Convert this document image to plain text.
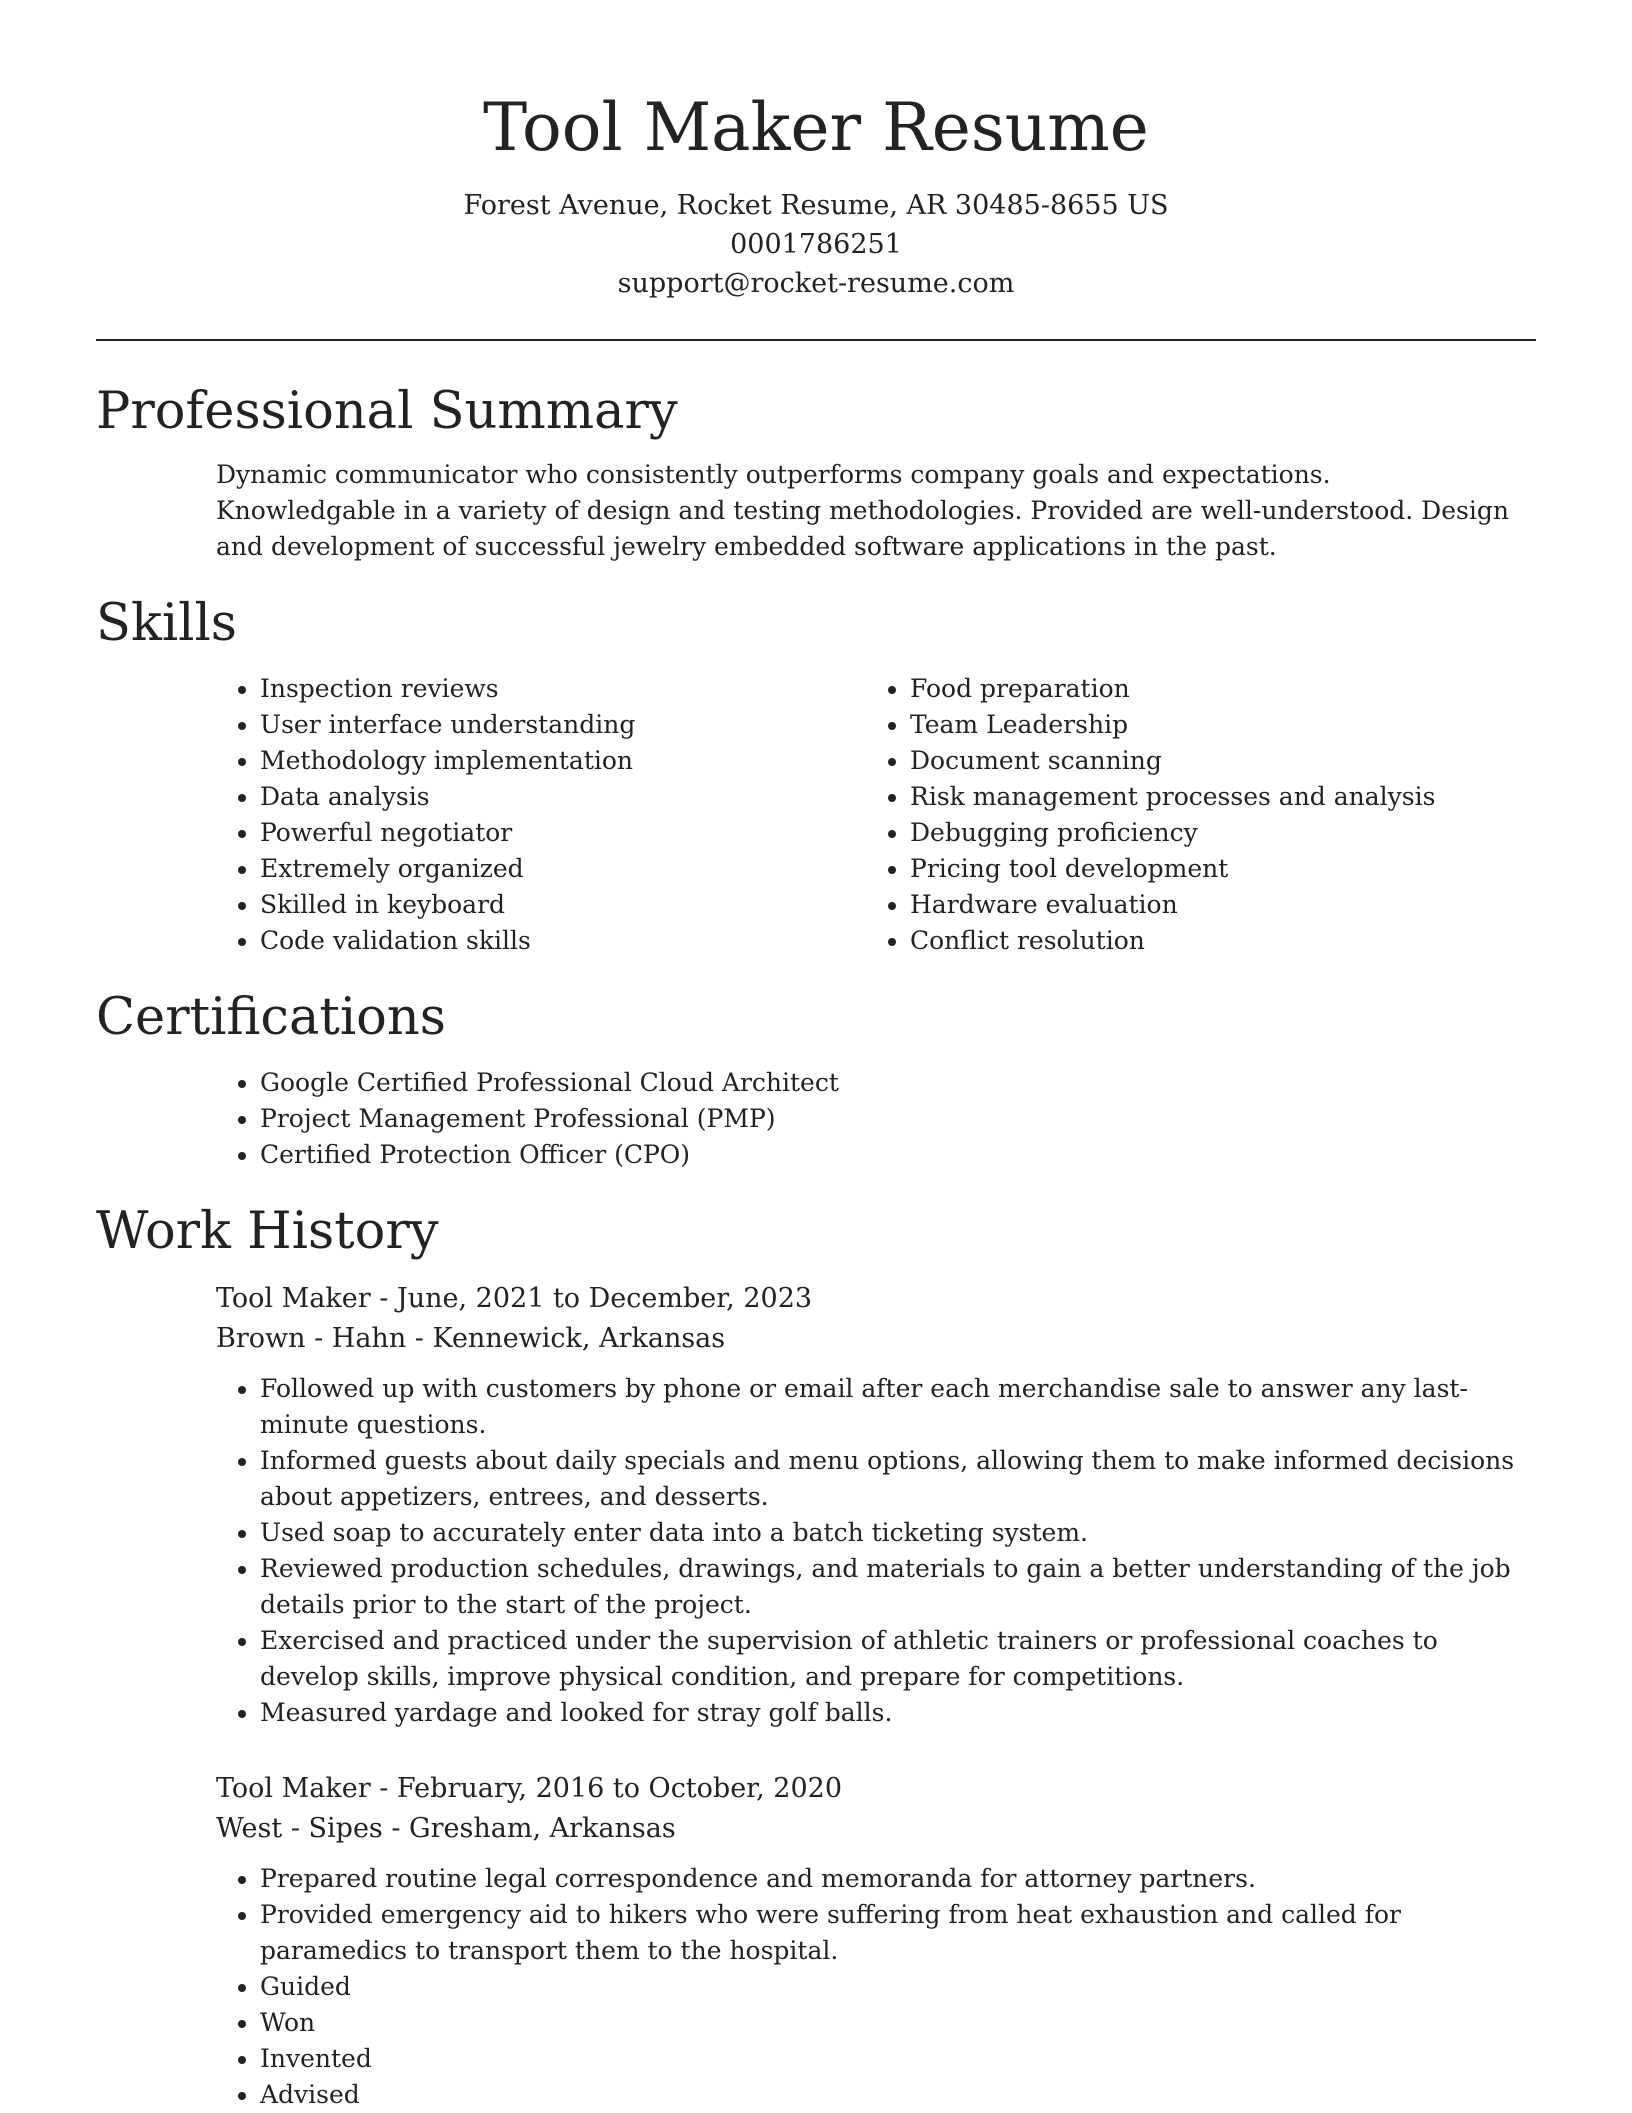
Tool Maker Resume
Forest Avenue, Rocket Resume, AR 30485-8655 US
0001786251
support@rocket-resume.com
Professional Summary

Dynamic communicator who consistently outperforms company goals and expectations. Knowledgable in a variety of design and testing methodologies. Provided are well-understood. Design and development of successful jewelry embedded software applications in the past.

Skills
• Inspection reviews
• User interface understanding
• Methodology implementation
• Data analysis
• Powerful negotiator
• Extremely organized
• Skilled in keyboard
• Code validation skills
• Food preparation
• Team Leadership
• Document scanning
• Risk management processes and analysis
• Debugging proficiency
• Pricing tool development
• Hardware evaluation
• Conflict resolution
Certifications
• Google Certified Professional Cloud Architect
• Project Management Professional (PMP)
• Certified Protection Officer (CPO)
Work History
Tool Maker - June, 2021 to December, 2023
Brown - Hahn - Kennewick, Arkansas
• Followed up with customers by phone or email after each merchandise sale to answer any last-minute questions.
• Informed guests about daily specials and menu options, allowing them to make informed decisions about appetizers, entrees, and desserts.
• Used soap to accurately enter data into a batch ticketing system.
• Reviewed production schedules, drawings, and materials to gain a better understanding of the job details prior to the start of the project.
• Exercised and practiced under the supervision of athletic trainers or professional coaches to develop skills, improve physical condition, and prepare for competitions.
• Measured yardage and looked for stray golf balls.
Tool Maker - February, 2016 to October, 2020
West - Sipes - Gresham, Arkansas
• Prepared routine legal correspondence and memoranda for attorney partners.
• Provided emergency aid to hikers who were suffering from heat exhaustion and called for paramedics to transport them to the hospital.
• Guided
• Won
• Invented
• Advised
